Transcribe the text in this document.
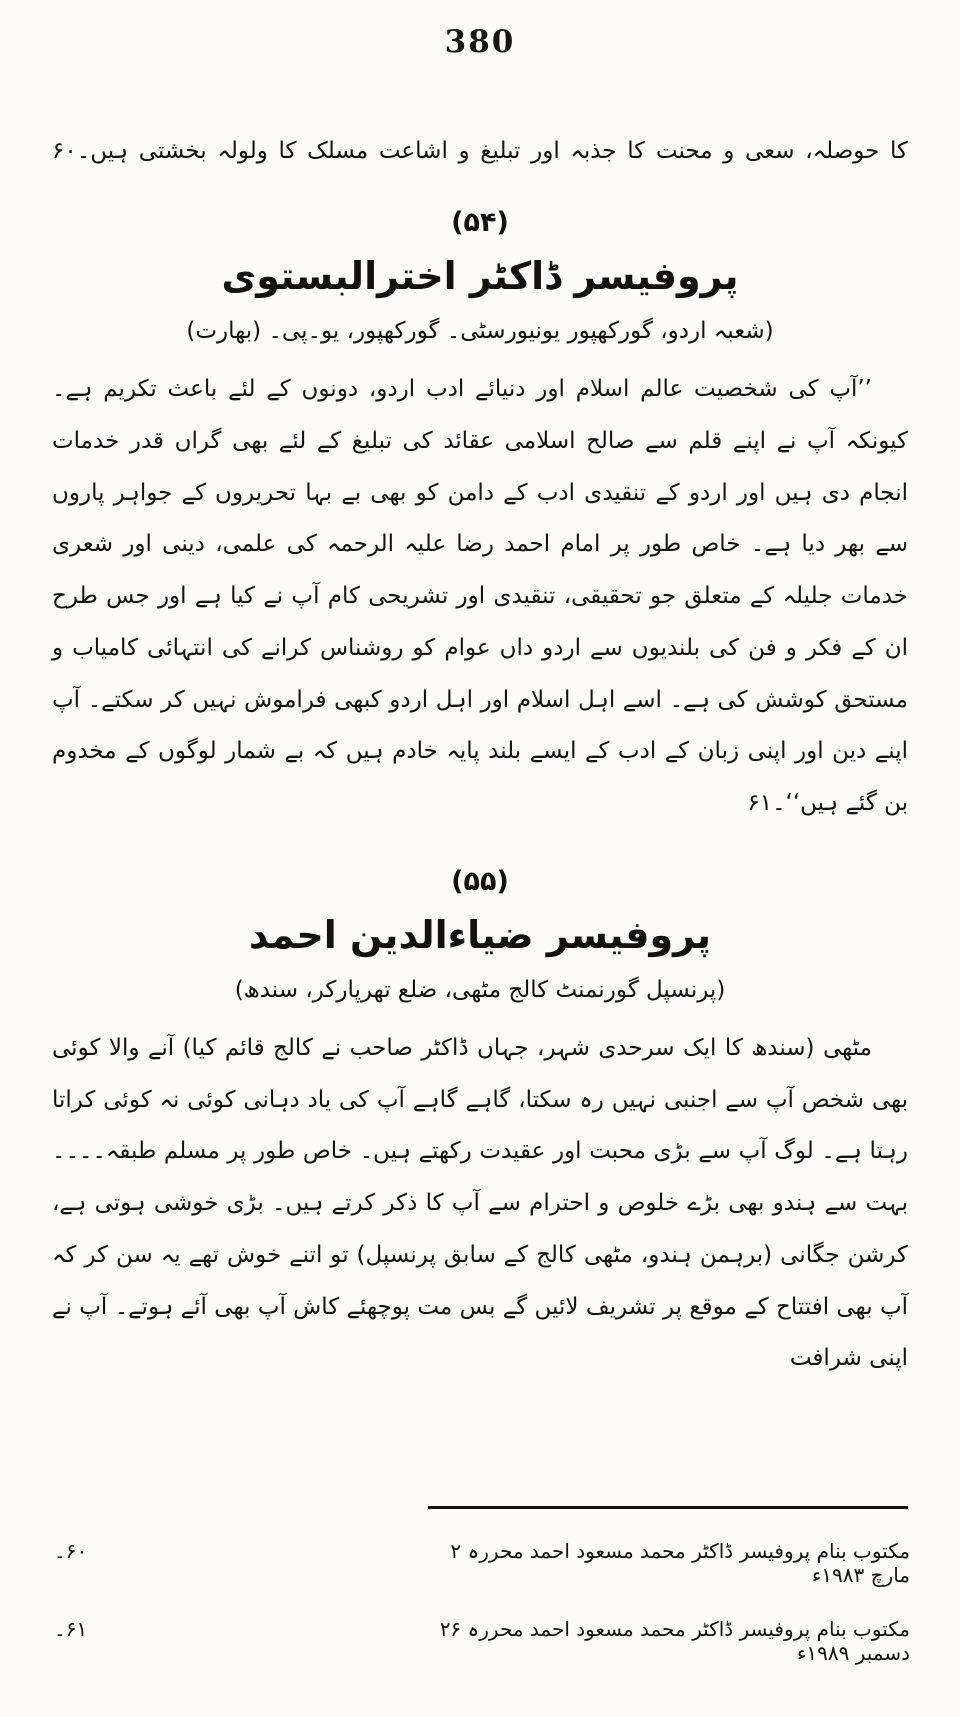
380

کا حوصلہ، سعی و محنت کا جذبہ اور تبلیغ و اشاعت مسلک کا ولولہ بخشتی ہیں۔۶۰

(۵۴)
پروفیسر ڈاکٹر اخترالبستوی
(شعبہ اردو، گورکھپور یونیورسٹی۔ گورکھپور، یو۔پی۔ (بھارت)

’’آپ کی شخصیت عالم اسلام اور دنیائے ادب اردو، دونوں کے لئے باعث تکریم ہے۔ کیونکہ آپ نے اپنے قلم سے صالح اسلامی عقائد کی تبلیغ کے لئے بھی گراں قدر خدمات انجام دی ہیں اور اردو کے تنقیدی ادب کے دامن کو بھی بے بہا تحریروں کے جواہر پاروں سے بھر دیا ہے۔ خاص طور پر امام احمد رضا علیہ الرحمہ کی علمی، دینی اور شعری خدمات جلیلہ کے متعلق جو تحقیقی، تنقیدی اور تشریحی کام آپ نے کیا ہے اور جس طرح ان کے فکر و فن کی بلندیوں سے اردو داں عوام کو روشناس کرانے کی انتہائی کامیاب و مستحق کوشش کی ہے۔ اسے اہل اسلام اور اہل اردو کبھی فراموش نہیں کر سکتے۔ آپ اپنے دین اور اپنی زبان کے ادب کے ایسے بلند پایہ خادم ہیں کہ بے شمار لوگوں کے مخدوم بن گئے ہیں‘‘۔۶۱

(۵۵)
پروفیسر ضیاءالدین احمد
(پرنسپل گورنمنٹ کالج مٹھی، ضلع تھرپارکر، سندھ)

مٹھی (سندھ کا ایک سرحدی شہر، جہاں ڈاکٹر صاحب نے کالج قائم کیا) آنے والا کوئی بھی شخص آپ سے اجنبی نہیں رہ سکتا، گاہے گاہے آپ کی یاد دہانی کوئی نہ کوئی کراتا رہتا ہے۔ لوگ آپ سے بڑی محبت اور عقیدت رکھتے ہیں۔ خاص طور پر مسلم طبقہ۔۔۔۔ بہت سے ہندو بھی بڑے خلوص و احترام سے آپ کا ذکر کرتے ہیں۔ بڑی خوشی ہوتی ہے، کرشن جگانی (برہمن ہندو، مٹھی کالج کے سابق پرنسپل) تو اتنے خوش تھے یہ سن کر کہ آپ بھی افتتاح کے موقع پر تشریف لائیں گے بس مت پوچھئے کاش آپ بھی آئے ہوتے۔ آپ نے اپنی شرافت

مکتوب بنام پروفیسر ڈاکٹر محمد مسعود احمد محررہ ۲ مارچ ۱۹۸۳ء
۶۰۔
مکتوب بنام پروفیسر ڈاکٹر محمد مسعود احمد محررہ ۲۶ دسمبر ۱۹۸۹ء
۶۱۔
